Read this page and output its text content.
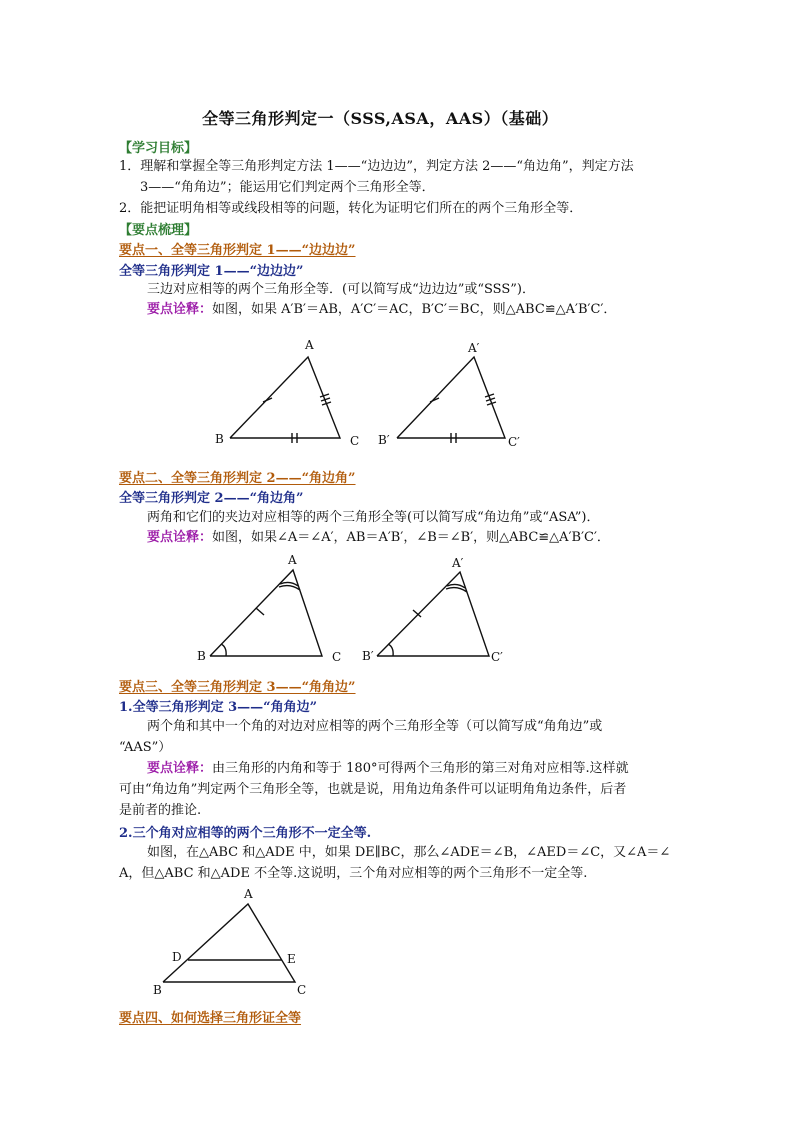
全等三角形判定一（SSS,ASA，AAS）（基础）
【学习目标】
1．理解和掌握全等三角形判定方法 1——“边边边”，判定方法 2——“角边角”，判定方法
3——“角角边”；能运用它们判定两个三角形全等．
2．能把证明角相等或线段相等的问题，转化为证明它们所在的两个三角形全等．
【要点梳理】
要点一、全等三角形判定 1——“边边边”
全等三角形判定 1——“边边边”
三边对应相等的两个三角形全等．(可以简写成“边边边”或“SSS”)．
要点诠释：如图，如果 A′B′＝AB，A′C′＝AC，B′C′＝BC，则△ABC≌△A′B′C′．
A
B	C
A′
B′	C′
要点二、全等三角形判定 2——“角边角”
全等三角形判定 2——“角边角”
两角和它们的夹边对应相等的两个三角形全等(可以简写成“角边角”或“ASA”)．
要点诠释：如图，如果∠A＝∠A′，AB＝A′B′，∠B＝∠B′，则△ABC≌△A′B′C′．
A
B	C
A′
B′	C′
要点三、全等三角形判定 3——“角角边”
1.全等三角形判定 3——“角角边”
两个角和其中一个角的对边对应相等的两个三角形全等（可以简写成“角角边”或
“AAS”）
要点诠释：由三角形的内角和等于 180°可得两个三角形的第三对角对应相等.这样就
可由“角边角”判定两个三角形全等，也就是说，用角边角条件可以证明角角边条件，后者
是前者的推论.
2.三个角对应相等的两个三角形不一定全等.
如图，在△ABC 和△ADE 中，如果 DE∥BC，那么∠ADE＝∠B，∠AED＝∠C，又∠A＝∠
A，但△ABC 和△ADE 不全等.这说明，三个角对应相等的两个三角形不一定全等.
A
B	C
D	E
要点四、如何选择三角形证全等
